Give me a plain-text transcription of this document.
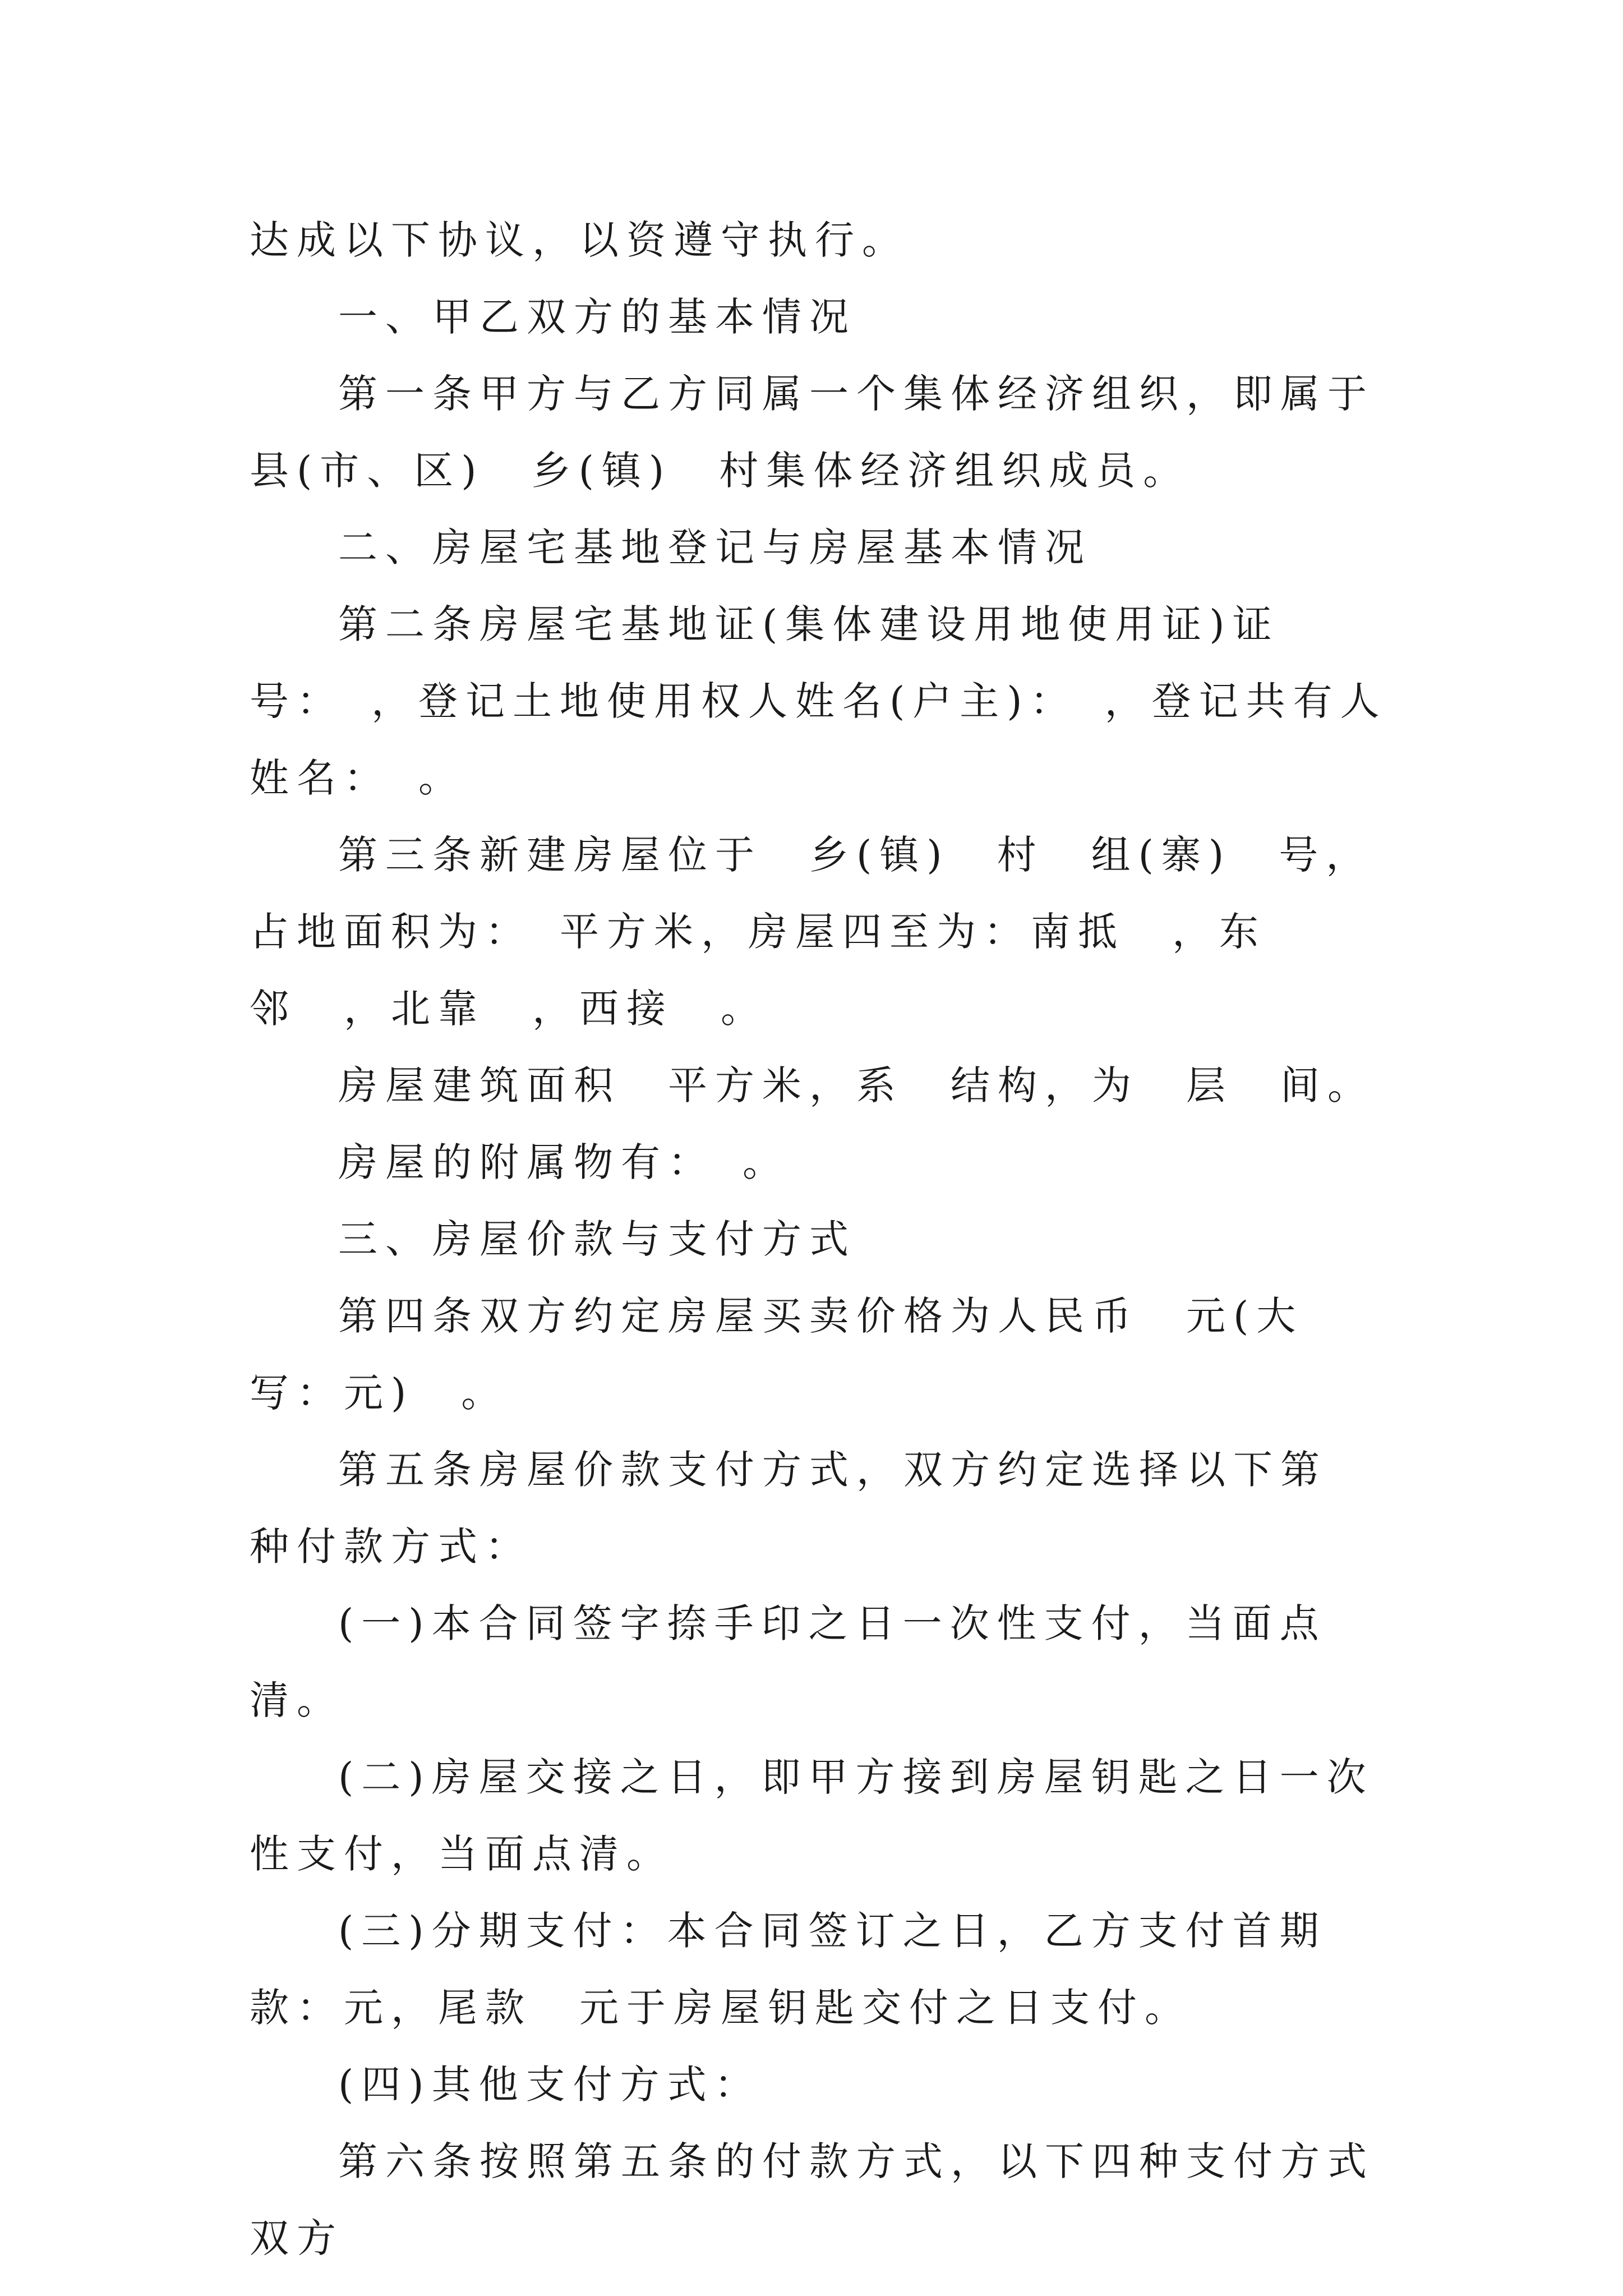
达成以下协议，以资遵守执行。

一、甲乙双方的基本情况

第一条甲方与乙方同属一个集体经济组织，即属于　县(市、区)　乡(镇)　村集体经济组织成员。

二、房屋宅基地登记与房屋基本情况

第二条房屋宅基地证(集体建设用地使用证)证号：　，登记土地使用权人姓名(户主)：　，登记共有人姓名：　。

第三条新建房屋位于　乡(镇)　村　组(寨)　号，占地面积为：　平方米，房屋四至为：南抵　，东邻　，北靠　，西接　。

房屋建筑面积　平方米，系　结构，为　层　间。

房屋的附属物有：　。

三、房屋价款与支付方式

第四条双方约定房屋买卖价格为人民币　元(大写：元)　。

第五条房屋价款支付方式，双方约定选择以下第　种付款方式：

(一)本合同签字捺手印之日一次性支付，当面点清。

(二)房屋交接之日，即甲方接到房屋钥匙之日一次性支付，当面点清。

(三)分期支付：本合同签订之日，乙方支付首期款：元，尾款　元于房屋钥匙交付之日支付。

(四)其他支付方式：

第六条按照第五条的付款方式，以下四种支付方式双方
